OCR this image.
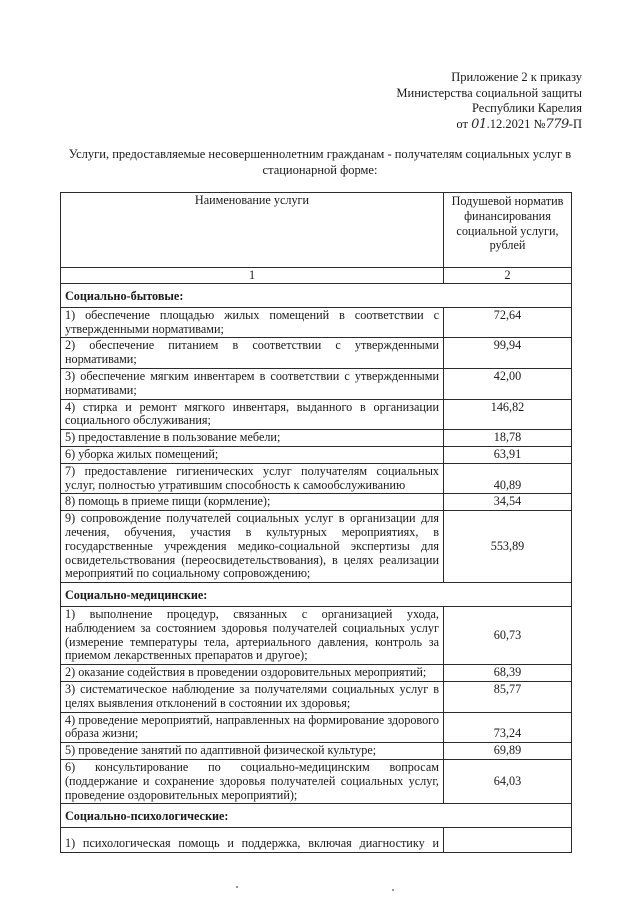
Приложение 2 к приказу
Министерства социальной защиты
Республики Карелия
от 01.12.2021 №779-П
Услуги, предоставляемые несовершеннолетним гражданам - получателям социальных услуг в стационарной форме:
Наименование услуги	Подушевой норматив финансирования социальной услуги, рублей
1	2
Социально-бытовые:	
1) обеспечение площадью жилых помещений в соответствии с утвержденными нормативами;	72,64
2) обеспечение питанием в соответствии с утвержденными нормативами;	99,94
3) обеспечение мягким инвентарем в соответствии с утвержденными нормативами;	42,00
4) стирка и ремонт мягкого инвентаря, выданного в организации социального обслуживания;	146,82
5) предоставление в пользование мебели;	18,78
6) уборка жилых помещений;	63,91
7) предоставление гигиенических услуг получателям социальных услуг, полностью утратившим способность к самообслуживанию	40,89
8) помощь в приеме пищи (кормление);	34,54
9) сопровождение получателей социальных услуг в организации для лечения, обучения, участия в культурных мероприятиях, в государственные учреждения медико-социальной экспертизы для освидетельствования (переосвидетельствования), в целях реализации мероприятий по социальному сопровождению;	553,89
Социально-медицинские:	
1) выполнение процедур, связанных с организацией ухода, наблюдением за состоянием здоровья получателей социальных услуг (измерение температуры тела, артериального давления, контроль за приемом лекарственных препаратов и другое);	60,73
2) оказание содействия в проведении оздоровительных мероприятий;	68,39
3) систематическое наблюдение за получателями социальных услуг в целях выявления отклонений в состоянии их здоровья;	85,77
4) проведение мероприятий, направленных на формирование здорового образа жизни;	73,24
5) проведение занятий по адаптивной физической культуре;	69,89
6) консультирование по социально-медицинским вопросам (поддержание и сохранение здоровья получателей социальных услуг, проведение оздоровительных мероприятий);	64,03
Социально-психологические:	
1) психологическая помощь и поддержка, включая диагностику и	
